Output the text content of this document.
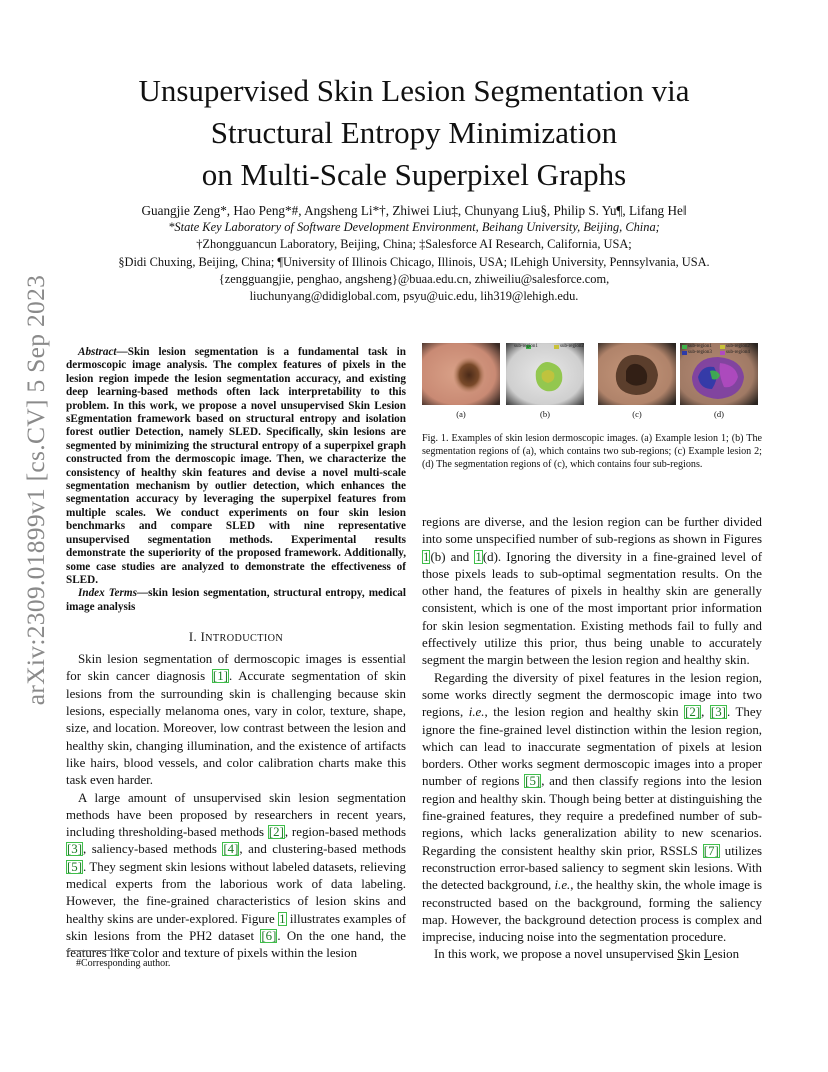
arXiv:2309.01899v1 [cs.CV] 5 Sep 2023
Unsupervised Skin Lesion Segmentation via
Structural Entropy Minimization
on Multi-Scale Superpixel Graphs
Guangjie Zeng*, Hao Peng*#, Angsheng Li*†, Zhiwei Liu‡, Chunyang Liu§, Philip S. Yu¶, Lifang He‖
*State Key Laboratory of Software Development Environment, Beihang University, Beijing, China;
†Zhongguancun Laboratory, Beijing, China; ‡Salesforce AI Research, California, USA;
§Didi Chuxing, Beijing, China; ¶University of Illinois Chicago, Illinois, USA; ‖Lehigh University, Pennsylvania, USA.
{zengguangjie, penghao, angsheng}@buaa.edu.cn, zhiweiliu@salesforce.com,
liuchunyang@didiglobal.com, psyu@uic.edu, lih319@lehigh.edu.

Abstract—Skin lesion segmentation is a fundamental task in dermoscopic image analysis. The complex features of pixels in the lesion region impede the lesion segmentation accuracy, and existing deep learning-based methods often lack interpretability to this problem. In this work, we propose a novel unsupervised Skin Lesion sEgmentation framework based on structural entropy and isolation forest outlier Detection, namely SLED. Specifically, skin lesions are segmented by minimizing the structural entropy of a superpixel graph constructed from the dermoscopic image. Then, we characterize the consistency of healthy skin features and devise a novel multi-scale segmentation mechanism by outlier detection, which enhances the segmentation accuracy by leveraging the superpixel features from multiple scales. We conduct experiments on four skin lesion benchmarks and compare SLED with nine representative unsupervised segmentation methods. Experimental results demonstrate the superiority of the proposed framework. Additionally, some case studies are analyzed to demonstrate the effectiveness of SLED.

Index Terms—skin lesion segmentation, structural entropy, medical image analysis
I. INTRODUCTION

Skin lesion segmentation of dermoscopic images is essential for skin cancer diagnosis [1]. Accurate segmentation of skin lesions from the surrounding skin is challenging because skin lesions, especially melanoma ones, vary in color, texture, shape, size, and location. Moreover, low contrast between the lesion and healthy skin, changing illumination, and the existence of artifacts like hairs, blood vessels, and color calibration charts make this task even harder.

A large amount of unsupervised skin lesion segmentation methods have been proposed by researchers in recent years, including thresholding-based methods [2], region-based methods [3], saliency-based methods [4], and clustering-based methods [5]. They segment skin lesions without labeled datasets, relieving medical experts from the laborious work of data labeling. However, the fine-grained characteristics of lesion skins and healthy skins are under-explored. Figure 1 illustrates examples of skin lesions from the PH2 dataset [6]. On the one hand, the features like color and texture of pixels within the lesion

#Corresponding author.
(a)	(b)	(c)	(d)
sub-region1	sub-region2	sub-region1	sub-region2
sub-region3	sub-region4
Fig. 1. Examples of skin lesion dermoscopic images. (a) Example lesion 1; (b) The segmentation regions of (a), which contains two sub-regions; (c) Example lesion 2; (d) The segmentation regions of (c), which contains four sub-regions.

regions are diverse, and the lesion region can be further divided into some unspecified number of sub-regions as shown in Figures 1(b) and 1(d). Ignoring the diversity in a fine-grained level of those pixels leads to sub-optimal segmentation results. On the other hand, the features of pixels in healthy skin are generally consistent, which is one of the most important prior information for skin lesion segmentation. Existing methods fail to fully and effectively utilize this prior, thus being unable to accurately segment the margin between the lesion region and healthy skin.

Regarding the diversity of pixel features in the lesion region, some works directly segment the dermoscopic image into two regions, i.e., the lesion region and healthy skin [2], [3]. They ignore the fine-grained level distinction within the lesion region, which can lead to inaccurate segmentation of pixels at lesion borders. Other works segment dermoscopic images into a proper number of regions [5], and then classify regions into the lesion region and healthy skin. Though being better at distinguishing the fine-grained features, they require a predefined number of sub-regions, which lacks generalization ability to new scenarios. Regarding the consistent healthy skin prior, RSSLS [7] utilizes reconstruction error-based saliency to segment skin lesions. With the detected background, i.e., the healthy skin, the whole image is reconstructed based on the background, forming the saliency map. However, the background detection process is complex and imprecise, inducing noise into the segmentation procedure.

In this work, we propose a novel unsupervised Skin Lesion
